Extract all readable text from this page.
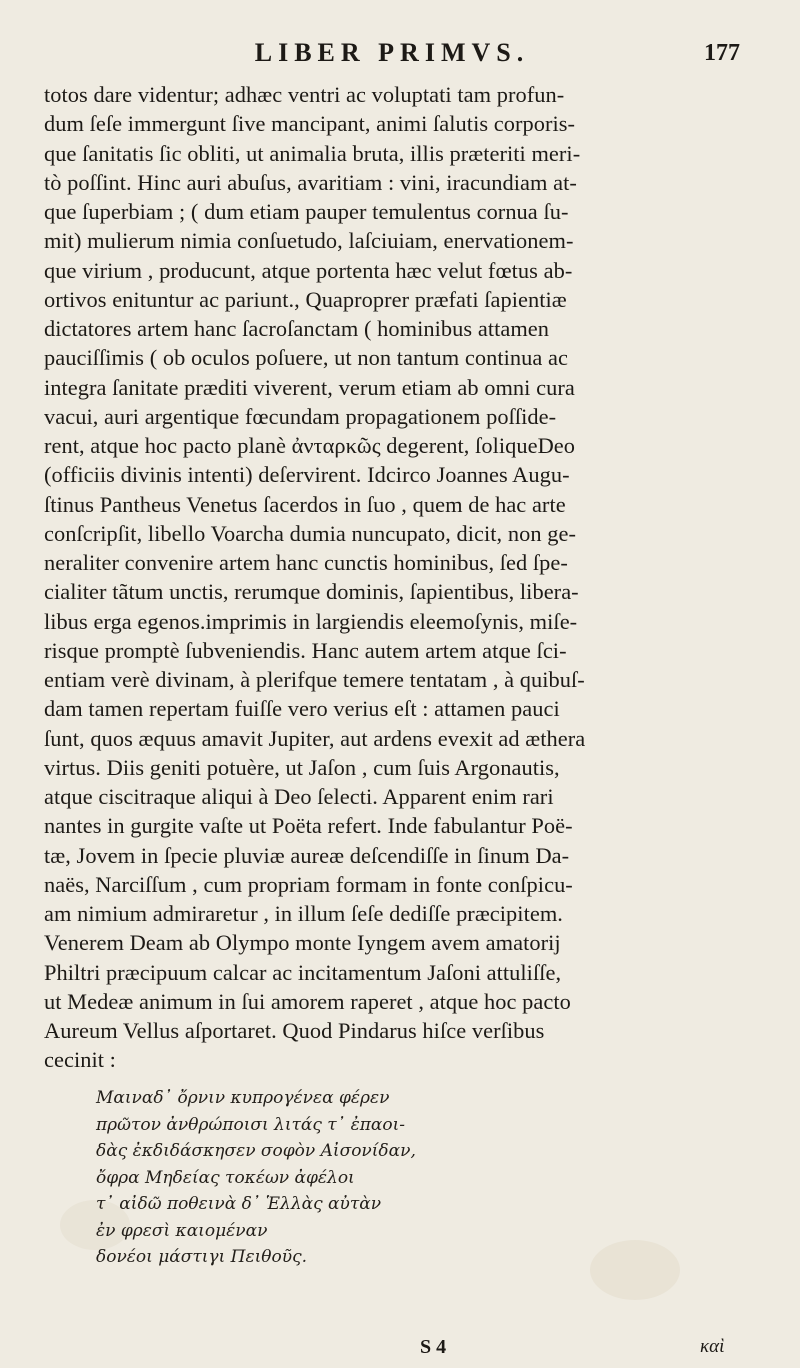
LIBER PRIMVS.	177
totos dare videntur; adhæc ventri ac voluptati tam profun-
dum ſeſe immergunt ſive mancipant, animi ſalutis corporis-
que ſanitatis ſic obliti, ut animalia bruta, illis præteriti meri-
tò poſſint. Hinc auri abuſus, avaritiam : vini, iracundiam at-
que ſuperbiam ; ( dum etiam pauper temulentus cornua ſu-
mit) mulierum nimia conſuetudo, laſciuiam, enervationem-
que virium , producunt, atque portenta hæc velut fœtus ab-
ortivos enituntur ac pariunt., Quaproprer præfati ſapientiæ
dictatores artem hanc ſacroſanctam ( hominibus attamen
pauciſſimis ( ob oculos poſuere, ut non tantum continua ac
integra ſanitate præditi viverent, verum etiam ab omni cura
vacui, auri argentique fœcundam propagationem poſſide-
rent, atque hoc pacto planè ἀνταρκῶς degerent, ſoliqueDeo
(officiis divinis intenti) deſervirent. Idcirco Joannes Augu-
ſtinus Pantheus Venetus ſacerdos in ſuo , quem de hac arte
conſcripſit, libello Voarcha dumia nuncupato, dicit, non ge-
neraliter convenire artem hanc cunctis hominibus, ſed ſpe-
cialiter tãtum unctis, rerumque dominis, ſapientibus, libera-
libus erga egenos.imprimis in largiendis eleemoſynis, miſe-
risque promptè ſubveniendis. Hanc autem artem atque ſci-
entiam verè divinam, à plerifque temere tentatam , à quibuſ-
dam tamen repertam fuiſſe vero verius eſt : attamen pauci
ſunt, quos æquus amavit Jupiter, aut ardens evexit ad æthera
virtus. Diis geniti potuère, ut Jaſon , cum ſuis Argonautis,
atque ciscitraque aliqui à Deo ſelecti. Apparent enim rari
nantes in gurgite vaſte ut Poëta refert. Inde fabulantur Poë-
tæ, Jovem in ſpecie pluviæ aureæ deſcendiſſe in ſinum Da-
naës, Narciſſum , cum propriam formam in fonte conſpicu-
am nimium admiraretur , in illum ſeſe dediſſe præcipitem.
Venerem Deam ab Olympo monte Iyngem avem amatorij
Philtri præcipuum calcar ac incitamentum Jaſoni attuliſſe,
ut Medeæ animum in ſui amorem raperet , atque hoc pacto
Aureum Vellus aſportaret. Quod Pindarus hiſce verſibus
cecinit :
Μαιναδ᾽ ὄρνιν κυπρογένεα φέρεν
πρῶτον ἀνθρώποισι λιτάς τ᾽ ἐπαοι-
δὰς ἐκδιδάσκησεν σοφὸν Αἰσονίδαν,
ὄφρα Μηδείας τοκέων ἀφέλοι
τ᾽ αἰδῶ ποθεινὰ δ᾽ Ἑλλὰς αὐτὰν
ἐν φρεσὶ καιομέναν
δονέοι μάστιγι Πειθοῦς.
S 4	καὶ
